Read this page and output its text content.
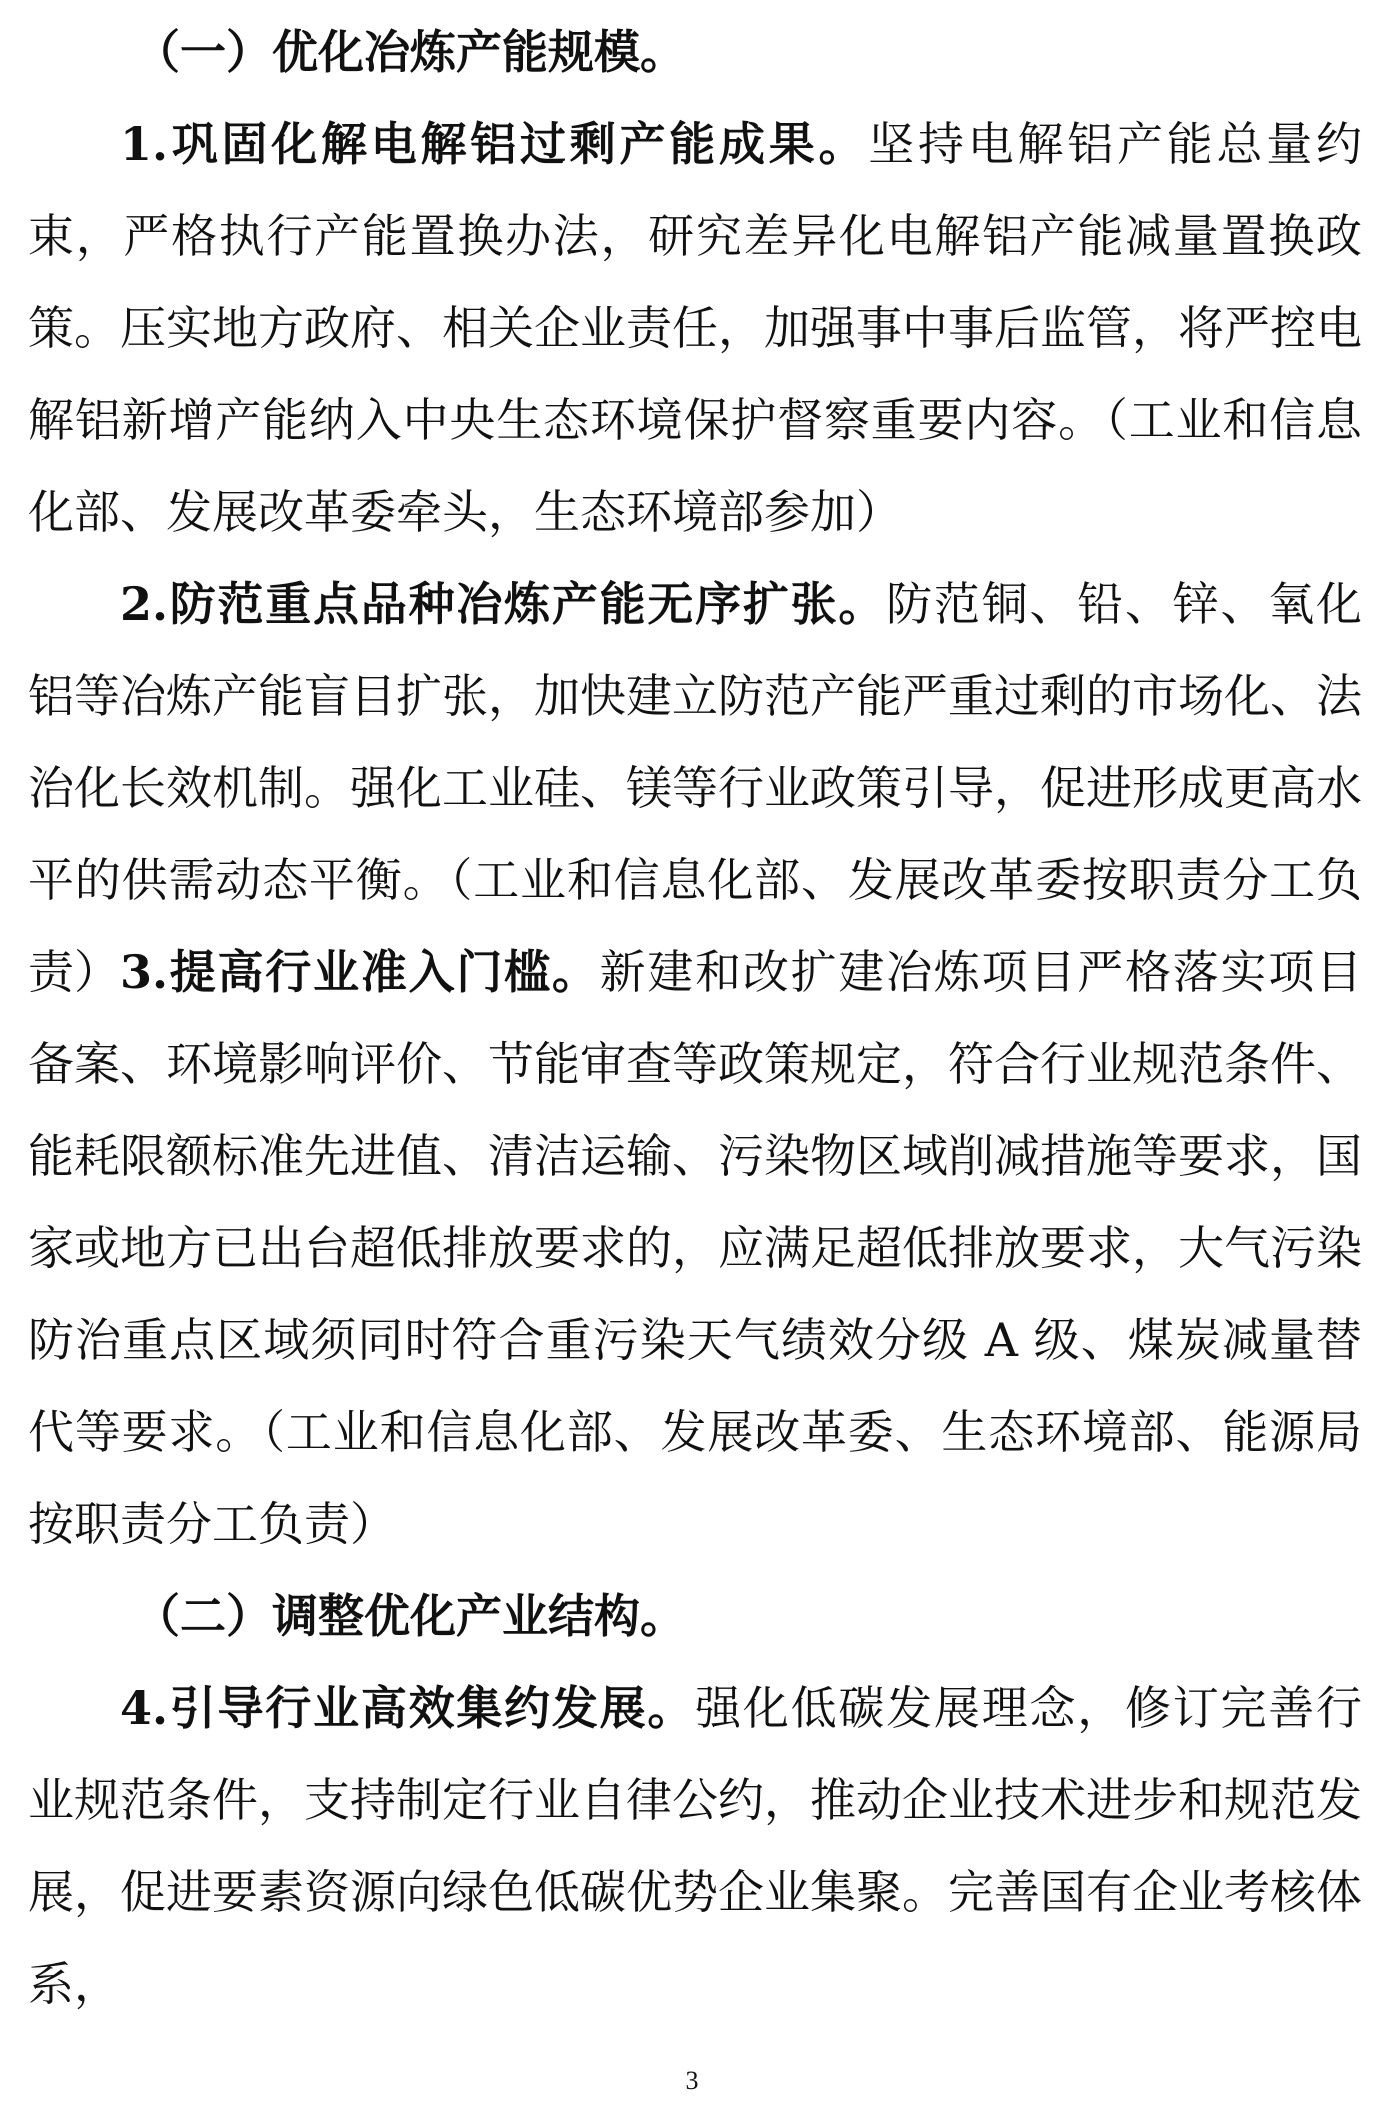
（一）优化冶炼产能规模。
1.巩固化解电解铝过剩产能成果。坚持电解铝产能总量约束，严格执行产能置换办法，研究差异化电解铝产能减量置换政策。压实地方政府、相关企业责任，加强事中事后监管，将严控电解铝新增产能纳入中央生态环境保护督察重要内容。（工业和信息化部、发展改革委牵头，生态环境部参加）
2.防范重点品种冶炼产能无序扩张。防范铜、铅、锌、氧化铝等冶炼产能盲目扩张，加快建立防范产能严重过剩的市场化、法治化长效机制。强化工业硅、镁等行业政策引导，促进形成更高水平的供需动态平衡。（工业和信息化部、发展改革委按职责分工负责） 3.提高行业准入门槛。新建和改扩建冶炼项目严格落实项目备案、环境影响评价、节能审查等政策规定，符合行业规范条件、能耗限额标准先进值、清洁运输、污染物区域削减措施等要求，国家或地方已出台超低排放要求的，应满足超低排放要求，大气污染防治重点区域须同时符合重污染天气绩效分级 A 级、煤炭减量替代等要求。（工业和信息化部、发展改革委、生态环境部、能源局按职责分工负责）
（二）调整优化产业结构。
4.引导行业高效集约发展。强化低碳发展理念，修订完善行业规范条件，支持制定行业自律公约，推动企业技术进步和规范发展，促进要素资源向绿色低碳优势企业集聚。完善国有企业考核体系，
3
